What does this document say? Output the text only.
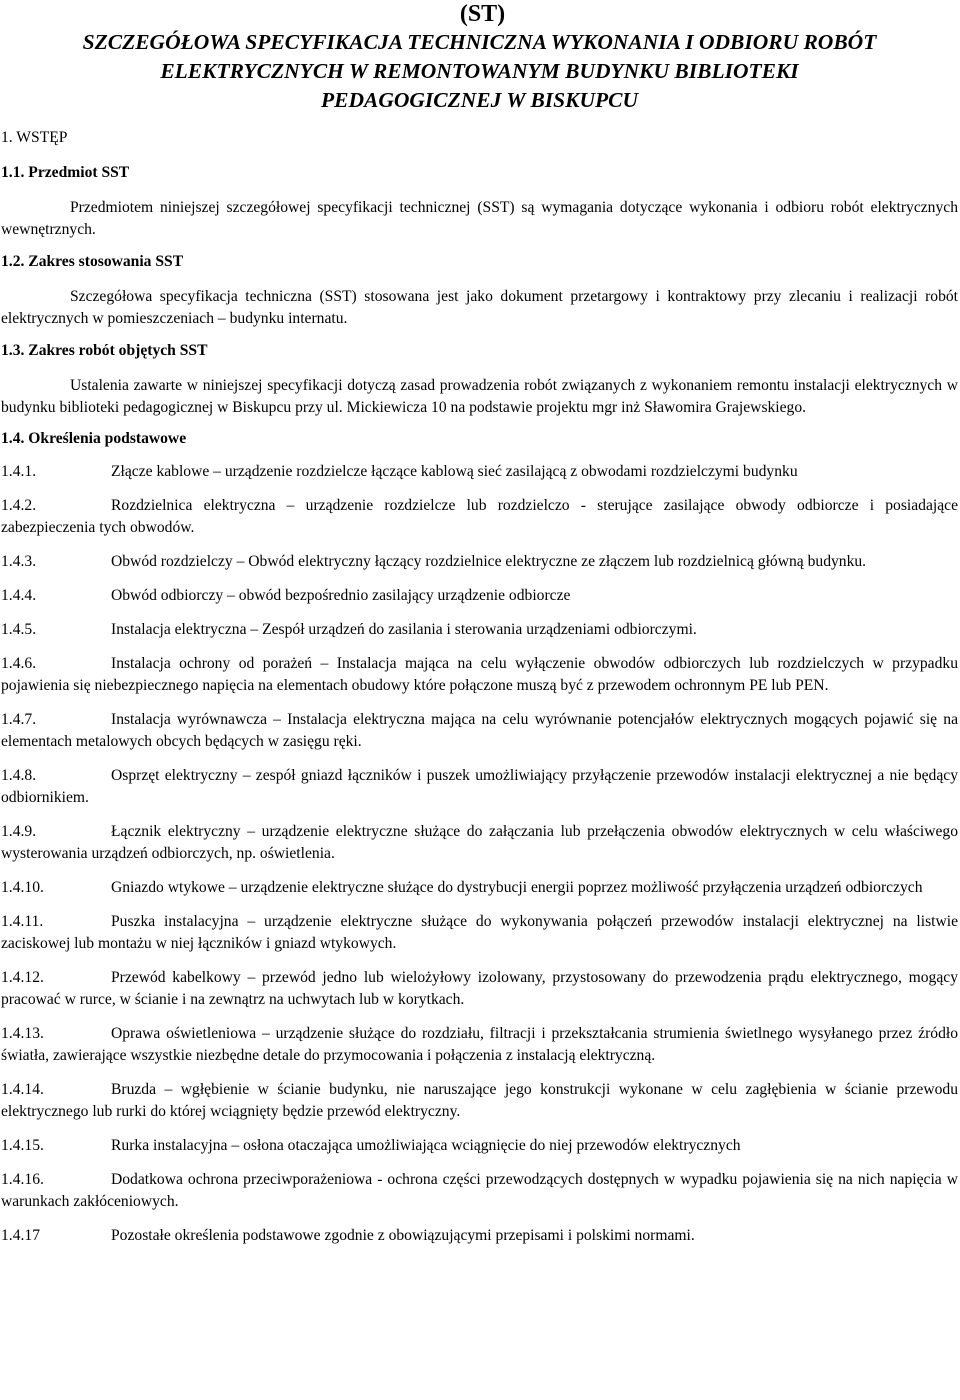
(ST)
SZCZEGÓŁOWA SPECYFIKACJA TECHNICZNA WYKONANIA I ODBIORU ROBÓT
ELEKTRYCZNYCH W REMONTOWANYM BUDYNKU BIBLIOTEKI
PEDAGOGICZNEJ W BISKUPCU
1. WSTĘP
1.1. Przedmiot SST
Przedmiotem niniejszej szczegółowej specyfikacji technicznej (SST) są wymagania dotyczące wykonania i odbioru robót elektrycznych wewnętrznych.
1.2. Zakres stosowania SST
Szczegółowa specyfikacja techniczna (SST) stosowana jest jako dokument przetargowy i kontraktowy przy zlecaniu i realizacji robót elektrycznych w pomieszczeniach – budynku internatu.
1.3. Zakres robót objętych SST
Ustalenia zawarte w niniejszej specyfikacji dotyczą zasad prowadzenia robót związanych z wykonaniem remontu instalacji elektrycznych w budynku biblioteki pedagogicznej w Biskupcu przy ul. Mickiewicza 10 na podstawie projektu mgr inż Sławomira Grajewskiego.
1.4. Określenia podstawowe
1.4.1.	Złącze kablowe – urządzenie rozdzielcze łączące kablową sieć zasilającą z obwodami rozdzielczymi budynku
1.4.2.	Rozdzielnica elektryczna – urządzenie rozdzielcze lub rozdzielczo - sterujące zasilające obwody odbiorcze i posiadające zabezpieczenia tych obwodów.
1.4.3.	Obwód rozdzielczy – Obwód elektryczny łączący rozdzielnice elektryczne ze złączem lub rozdzielnicą główną budynku.
1.4.4.	Obwód odbiorczy – obwód bezpośrednio zasilający urządzenie odbiorcze
1.4.5.	Instalacja elektryczna – Zespół urządzeń do zasilania i sterowania urządzeniami odbiorczymi.
1.4.6.	Instalacja ochrony od porażeń – Instalacja mająca na celu wyłączenie obwodów odbiorczych lub rozdzielczych w przypadku pojawienia się niebezpiecznego napięcia na elementach obudowy które połączone muszą być z przewodem ochronnym PE lub PEN.
1.4.7.	Instalacja wyrównawcza – Instalacja elektryczna mająca na celu wyrównanie potencjałów elektrycznych mogących pojawić się na elementach metalowych obcych będących w zasięgu ręki.
1.4.8.	Osprzęt elektryczny – zespół gniazd łączników i puszek umożliwiający przyłączenie przewodów instalacji elektrycznej a nie będący odbiornikiem.
1.4.9.	Łącznik elektryczny – urządzenie elektryczne służące do załączania lub przełączenia obwodów elektrycznych w celu właściwego wysterowania urządzeń odbiorczych, np. oświetlenia.
1.4.10.	Gniazdo wtykowe – urządzenie elektryczne służące do dystrybucji energii poprzez możliwość przyłączenia urządzeń odbiorczych
1.4.11.	Puszka instalacyjna – urządzenie elektryczne służące do wykonywania połączeń przewodów instalacji elektrycznej na listwie zaciskowej lub montażu w niej łączników i gniazd wtykowych.
1.4.12.	Przewód kabelkowy – przewód jedno lub wielożyłowy izolowany, przystosowany do przewodzenia prądu elektrycznego, mogący pracować w rurce, w ścianie i na zewnątrz na uchwytach lub w korytkach.
1.4.13.	Oprawa oświetleniowa – urządzenie służące do rozdziału, filtracji i przekształcania strumienia świetlnego wysyłanego przez źródło światła, zawierające wszystkie niezbędne detale do przymocowania i połączenia z instalacją elektryczną.
1.4.14.	Bruzda – wgłębienie w ścianie budynku, nie naruszające jego konstrukcji wykonane w celu zagłębienia w ścianie przewodu elektrycznego lub rurki do której wciągnięty będzie przewód elektryczny.
1.4.15.	Rurka instalacyjna – osłona otaczająca umożliwiająca wciągnięcie do niej przewodów elektrycznych
1.4.16.	Dodatkowa ochrona przeciwporażeniowa - ochrona części przewodzących dostępnych w wypadku pojawienia się na nich napięcia w warunkach zakłóceniowych.
1.4.17	Pozostałe określenia podstawowe zgodnie z obowiązującymi przepisami i polskimi normami.
